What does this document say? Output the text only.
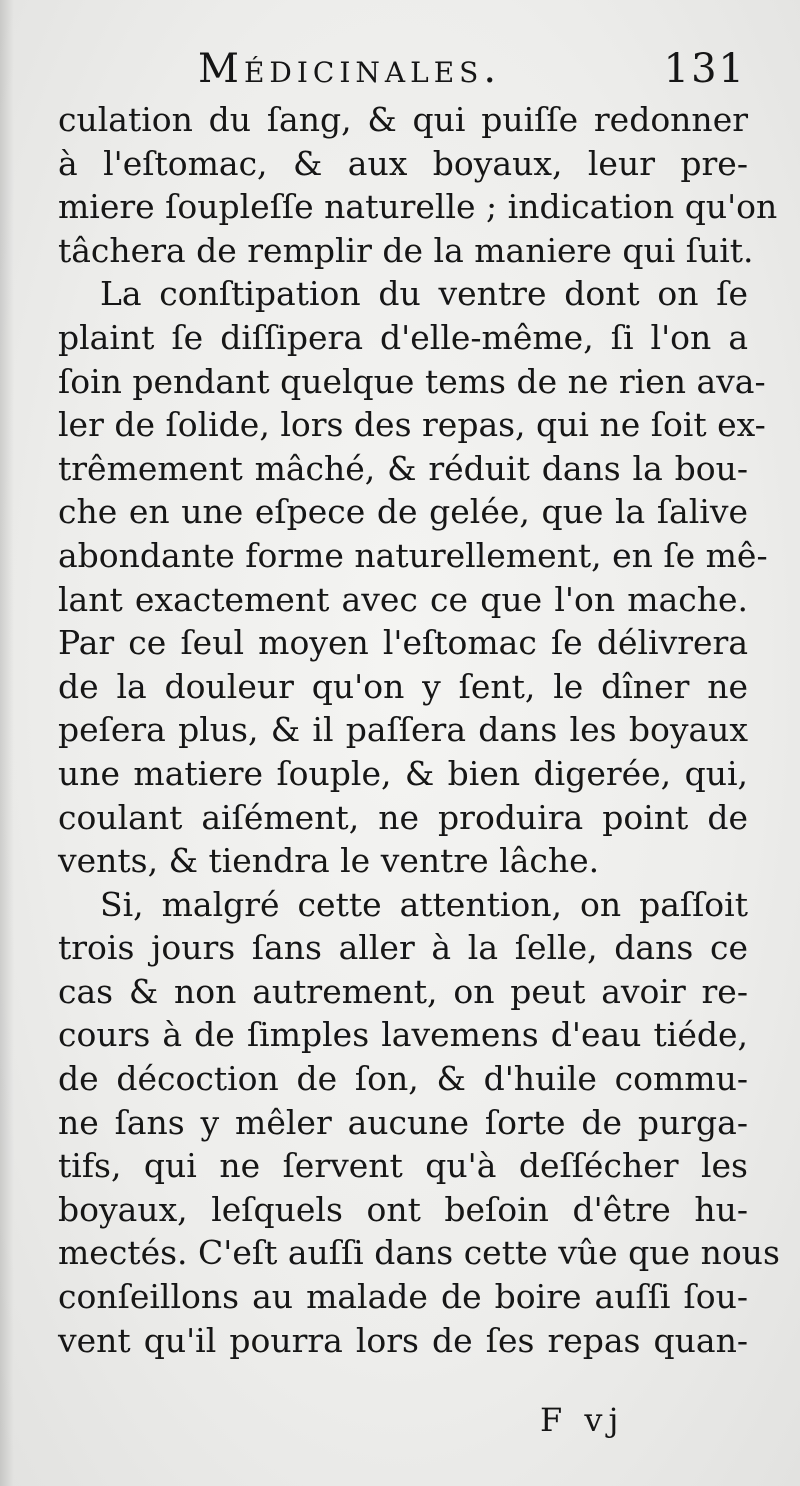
Médicinales.	131
culation du ſang, & qui puiſſe redonner
à l'eſtomac, & aux boyaux, leur pre-
miere ſoupleſſe naturelle ; indication qu'on
tâchera de remplir de la maniere qui ſuit.
La conſtipation du ventre dont on ſe
plaint ſe diſſipera d'elle-même, ſi l'on a
ſoin pendant quelque tems de ne rien ava-
ler de ſolide, lors des repas, qui ne ſoit ex-
trêmement mâché, & réduit dans la bou-
che en une eſpece de gelée, que la ſalive
abondante forme naturellement, en ſe mê-
lant exactement avec ce que l'on mache.
Par ce ſeul moyen l'eſtomac ſe délivrera
de la douleur qu'on y ſent, le dîner ne
peſera plus, & il paſſera dans les boyaux
une matiere ſouple, & bien digerée, qui,
coulant aiſément, ne produira point de
vents, & tiendra le ventre lâche.
Si, malgré cette attention, on paſſoit
trois jours ſans aller à la ſelle, dans ce
cas & non autrement, on peut avoir re-
cours à de ſimples lavemens d'eau tiéde,
de décoction de ſon, & d'huile commu-
ne ſans y mêler aucune ſorte de purga-
tifs, qui ne ſervent qu'à deſſécher les
boyaux, leſquels ont beſoin d'être hu-
mectés. C'eſt auſſi dans cette vûe que nous
conſeillons au malade de boire auſſi ſou-
vent qu'il pourra lors de ſes repas quan-
F vj
